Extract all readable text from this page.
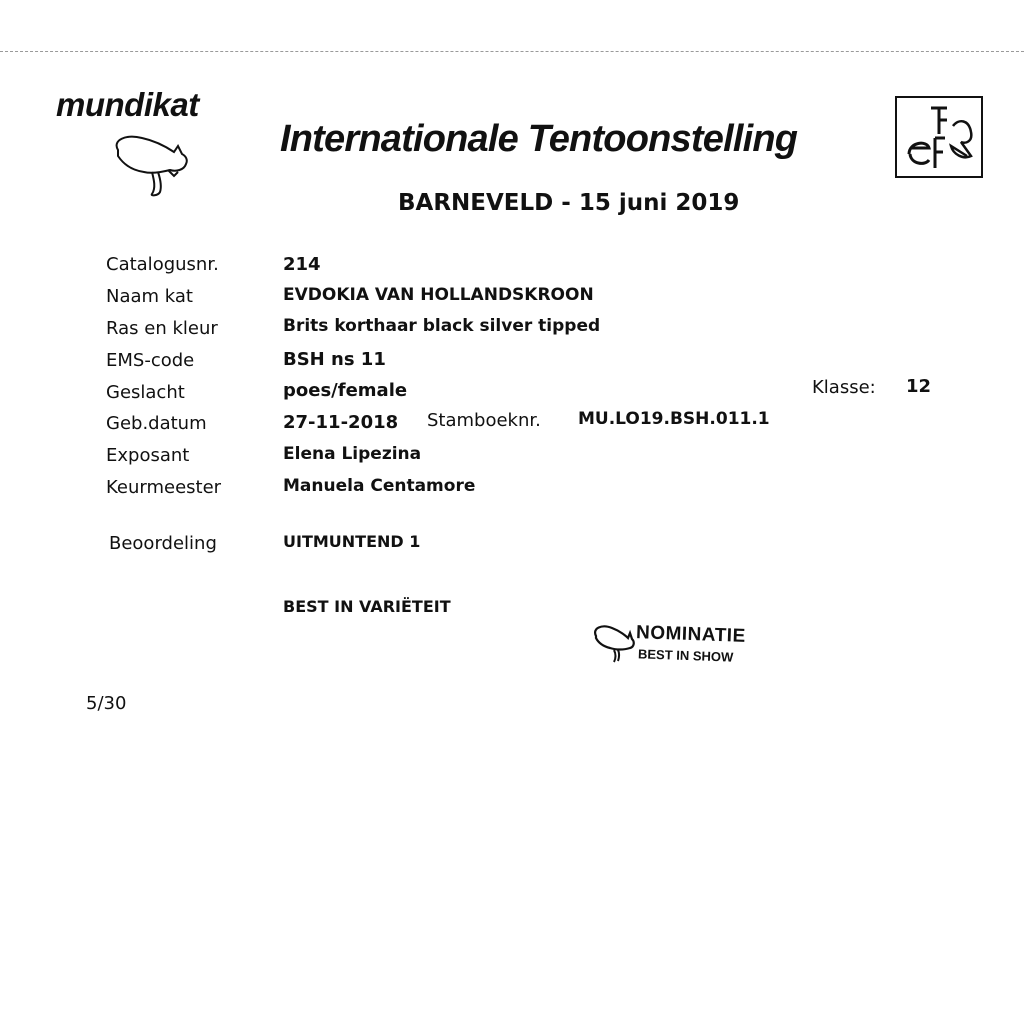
mundikat
Internationale Tentoonstelling
BARNEVELD - 15 juni 2019
Catalogusnr.	214
Naam kat	EVDOKIA VAN HOLLANDSKROON
Ras en kleur	Brits korthaar black silver tipped
EMS-code	BSH ns 11
Geslacht	poes/female	Klasse: 12
Geb.datum	27-11-2018 Stamboeknr. MU.LO19.BSH.011.1
Exposant	Elena Lipezina
Keurmeester	Manuela Centamore
Beoordeling	UITMUNTEND 1
BEST IN VARIËTEIT
NOMINATIE
BEST IN SHOW
5/30
